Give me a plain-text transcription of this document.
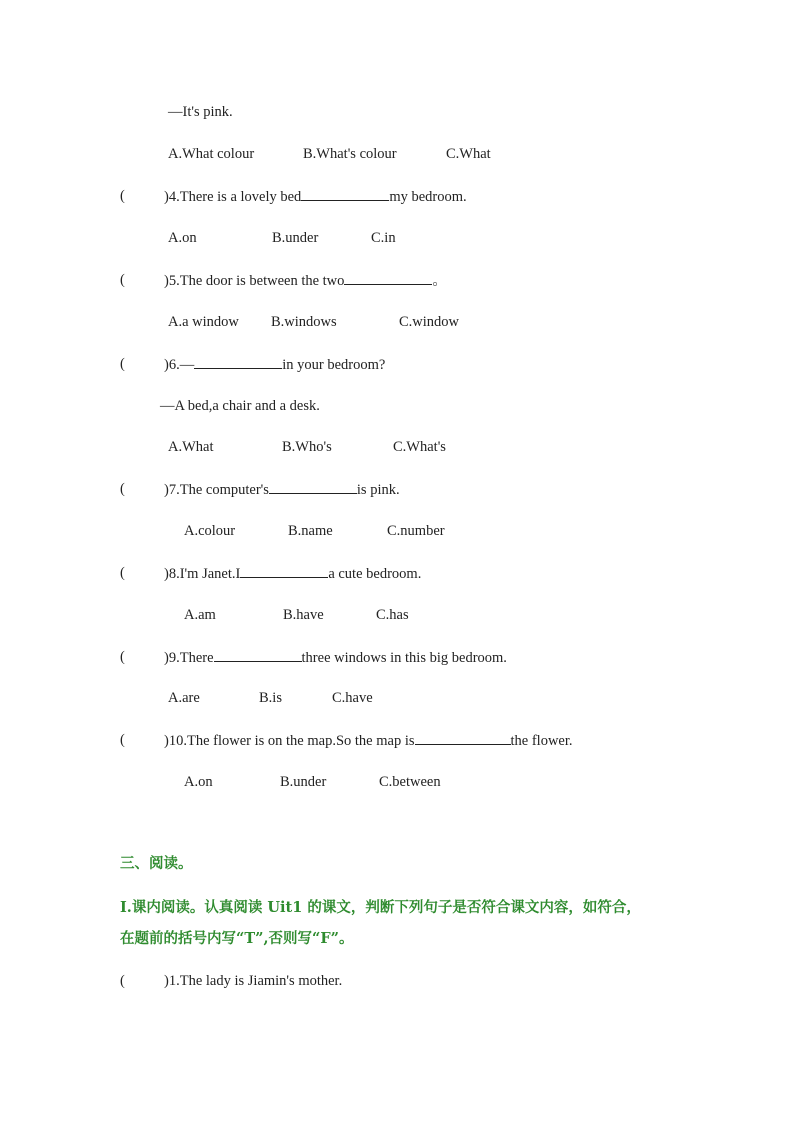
—It's pink.
A.What colour	B.What's colour	C.What
(	)4.There is a lovely bed	my bedroom.
A.on	B.under	C.in
(	)5.The door is between the two	。
A.a window B.windows	C.window
(	)6.—	in your bedroom?
—A bed,a chair and a desk.
A.What	B.Who's	C.What's
(	)7.The computer's	is pink.
A.colour	B.name	C.number
(	)8.I'm Janet.I	a cute bedroom.
A.am	B.have	C.has
(	)9.There	three windows in this big bedroom.
A.are	B.is	C.have
(	)10.The flower is on the map.So the map is	the flower.
A.on	B.under	C.between
三、阅读。
I.课内阅读。认真阅读 Uit1 的课文，判断下列句子是否符合课文内容，如符合，
在题前的括号内写“T”,否则写“F”。
(	)1.The lady is Jiamin's mother.
